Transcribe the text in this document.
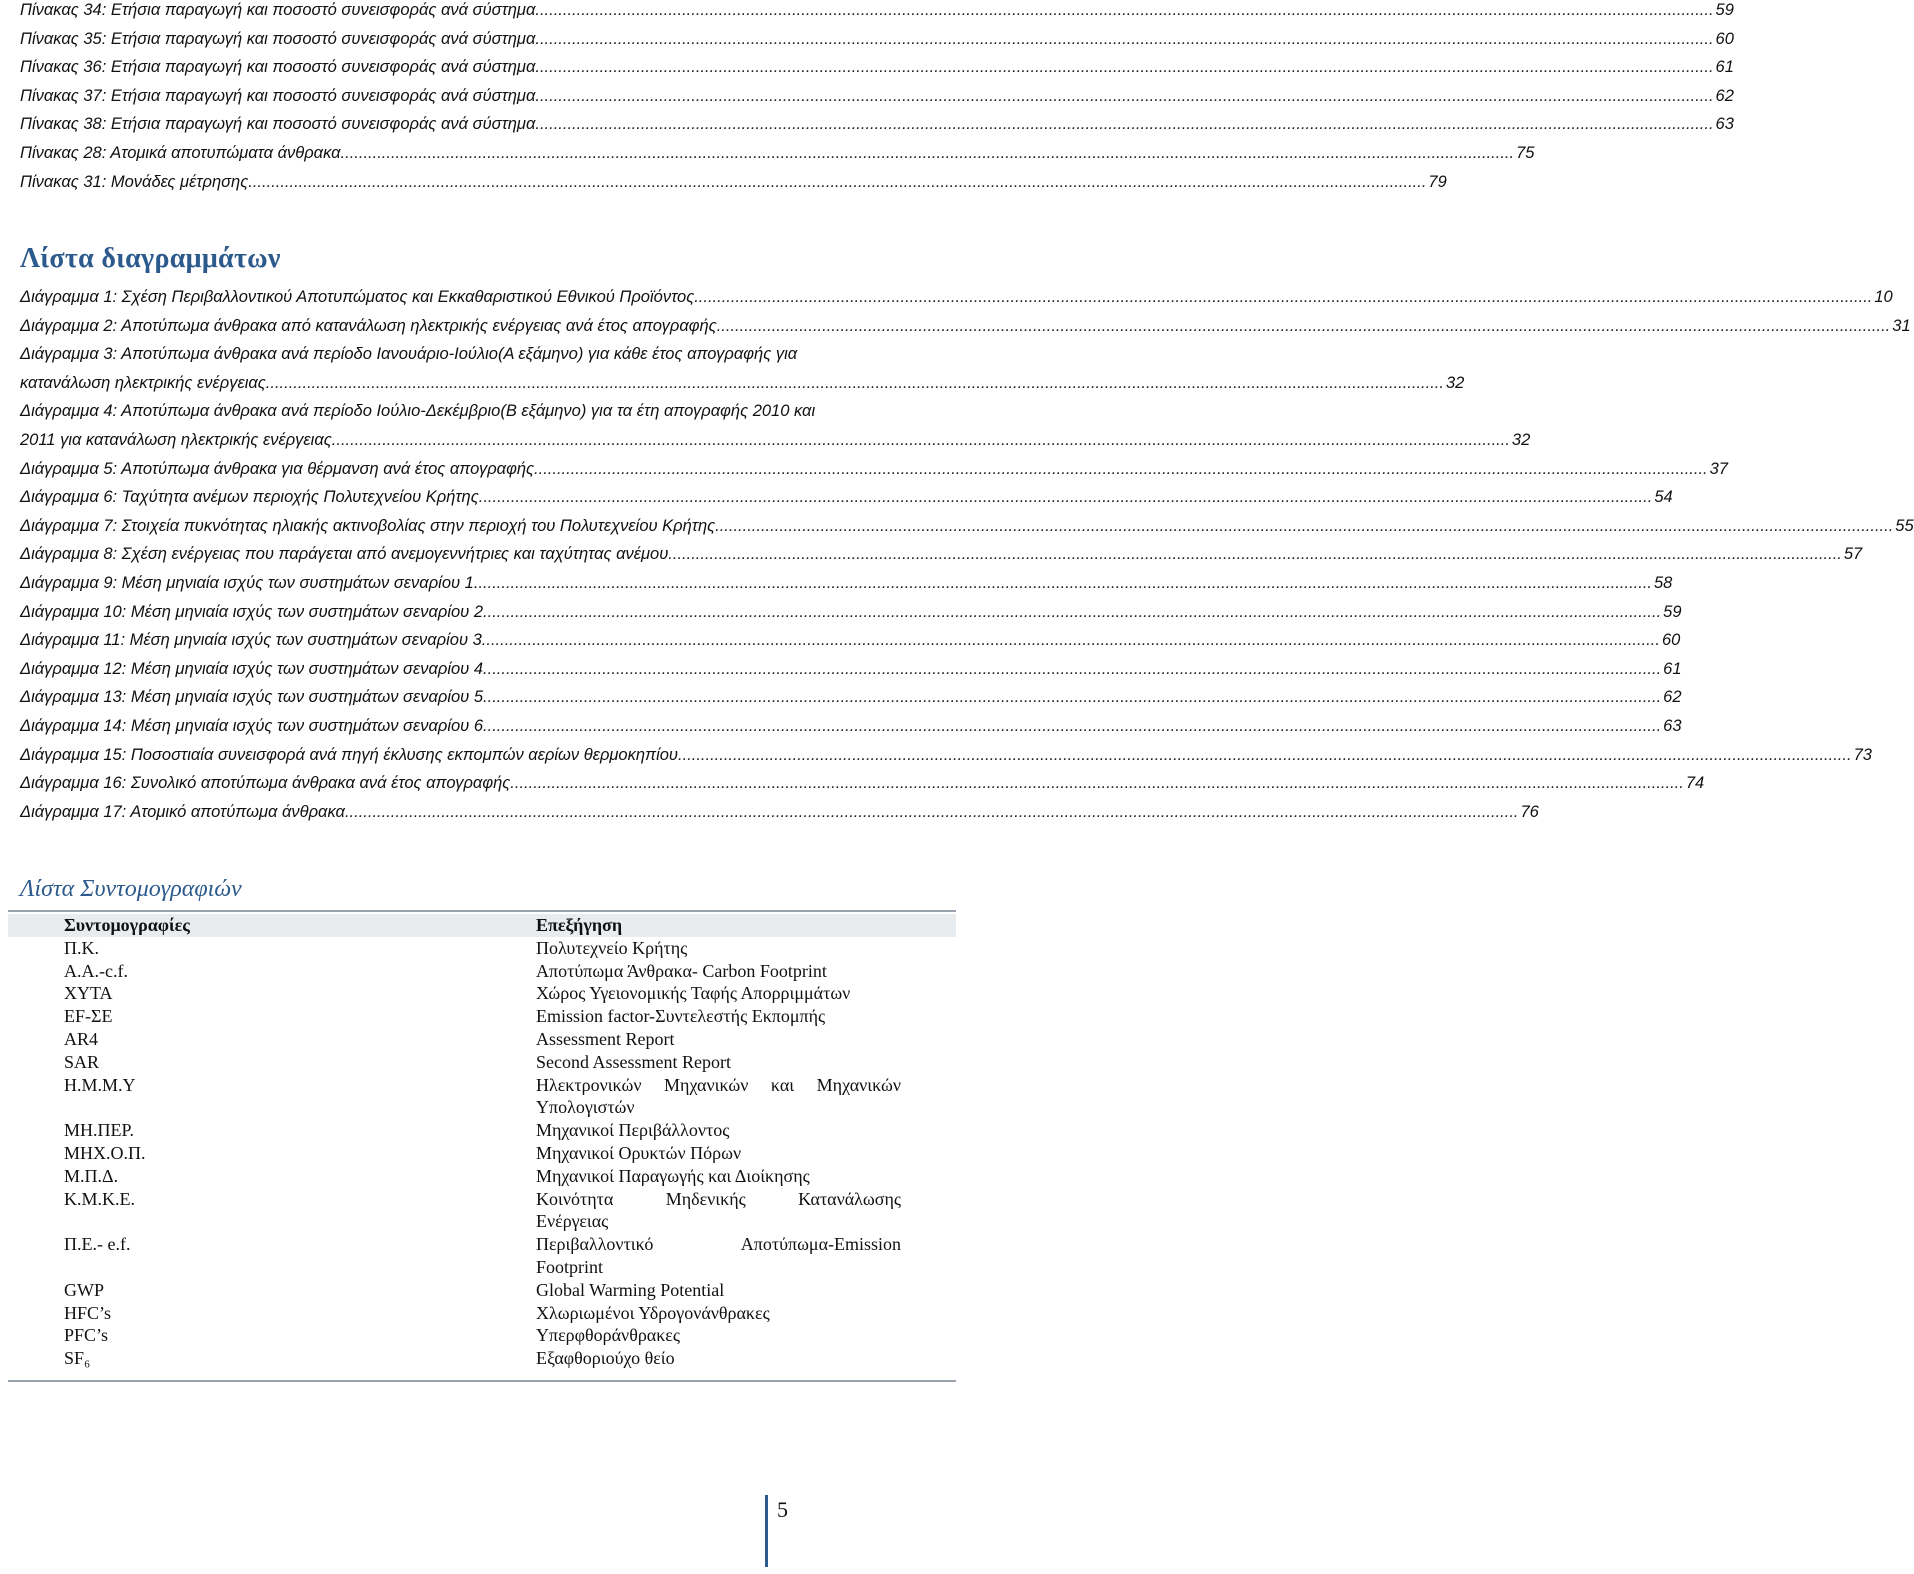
Πίνακας 34: Ετήσια παραγωγή και ποσοστό συνεισφοράς ανά σύστημα. .....	59
Πίνακας 35: Ετήσια παραγωγή και ποσοστό συνεισφοράς ανά σύστημα. .....	60
Πίνακας 36: Ετήσια παραγωγή και ποσοστό συνεισφοράς ανά σύστημα. .....	61
Πίνακας 37: Ετήσια παραγωγή και ποσοστό συνεισφοράς ανά σύστημα. .....	62
Πίνακας 38: Ετήσια παραγωγή και ποσοστό συνεισφοράς ανά σύστημα. .....	63
Πίνακας 28: Ατομικά αποτυπώματα άνθρακα .....	75
Πίνακας 31: Μονάδες μέτρησης. .....	79
Λίστα διαγραμμάτων
Διάγραμμα 1: Σχέση Περιβαλλοντικού Αποτυπώματος και Εκκαθαριστικού Εθνικού Προϊόντος. .....	10
Διάγραμμα 2: Αποτύπωμα άνθρακα από κατανάλωση ηλεκτρικής ενέργειας ανά έτος απογραφής .....	31
Διάγραμμα 3: Αποτύπωμα άνθρακα ανά περίοδο Ιανουάριο-Ιούλιο(Α εξάμηνο) για κάθε έτος απογραφής για
κατανάλωση ηλεκτρικής ενέργειας. .....	32
Διάγραμμα 4: Αποτύπωμα άνθρακα ανά περίοδο Ιούλιο-Δεκέμβριο(Β εξάμηνο) για τα έτη απογραφής 2010 και
2011 για κατανάλωση ηλεκτρικής ενέργειας. .....	32
Διάγραμμα 5: Αποτύπωμα άνθρακα για θέρμανση ανά έτος απογραφής .....	37
Διάγραμμα 6: Ταχύτητα ανέμων περιοχής Πολυτεχνείου Κρήτης .....	54
Διάγραμμα 7: Στοιχεία πυκνότητας ηλιακής ακτινοβολίας στην περιοχή του Πολυτεχνείου Κρήτης. .....	55
Διάγραμμα 8: Σχέση ενέργειας που παράγεται από ανεμογεννήτριες και ταχύτητας ανέμου .....	57
Διάγραμμα 9: Μέση μηνιαία ισχύς των συστημάτων σεναρίου 1. .....	58
Διάγραμμα 10: Μέση μηνιαία ισχύς των συστημάτων σεναρίου 2. .....	59
Διάγραμμα 11: Μέση μηνιαία ισχύς των συστημάτων σεναρίου 3. .....	60
Διάγραμμα 12: Μέση μηνιαία ισχύς των συστημάτων σεναρίου 4. .....	61
Διάγραμμα 13: Μέση μηνιαία ισχύς των συστημάτων σεναρίου 5. .....	62
Διάγραμμα 14: Μέση μηνιαία ισχύς των συστημάτων σεναρίου 6. .....	63
Διάγραμμα 15: Ποσοστιαία συνεισφορά ανά πηγή έκλυσης εκπομπών αερίων θερμοκηπίου .....	73
Διάγραμμα 16: Συνολικό αποτύπωμα άνθρακα ανά έτος απογραφής .....	74
Διάγραμμα 17: Ατομικό αποτύπωμα άνθρακα .....	76
Λίστα Συντομογραφιών
Συντομογραφίες	Επεξήγηση
Π.Κ.	Πολυτεχνείο Κρήτης
Α.Α.-c.f.	Αποτύπωμα Άνθρακα- Carbon Footprint
ΧΥΤΑ	Χώρος Υγειονομικής Ταφής Απορριμμάτων
EF-ΣΕ	Emission factor-Συντελεστής Εκπομπής
AR4	Assessment Report
SAR	Second Assessment Report
Η.Μ.Μ.Υ	Ηλεκτρονικών Μηχανικών και Μηχανικών
Υπολογιστών
ΜΗ.ΠΕΡ.	Μηχανικοί Περιβάλλοντος
ΜΗΧ.Ο.Π.	Μηχανικοί Ορυκτών Πόρων
Μ.Π.Δ.	Μηχανικοί Παραγωγής και Διοίκησης
Κ.Μ.Κ.Ε.	Κοινότητα Μηδενικής Κατανάλωσης
Ενέργειας
Π.Ε.- e.f.	Περιβαλλοντικό Αποτύπωμα-Emission
Footprint
GWP	Global Warming Potential
HFC’s	Χλωριωμένοι Υδρογονάνθρακες
PFC’s	Υπερφθοράνθρακες
SF₆	Εξαφθοριούχο θείο
5
